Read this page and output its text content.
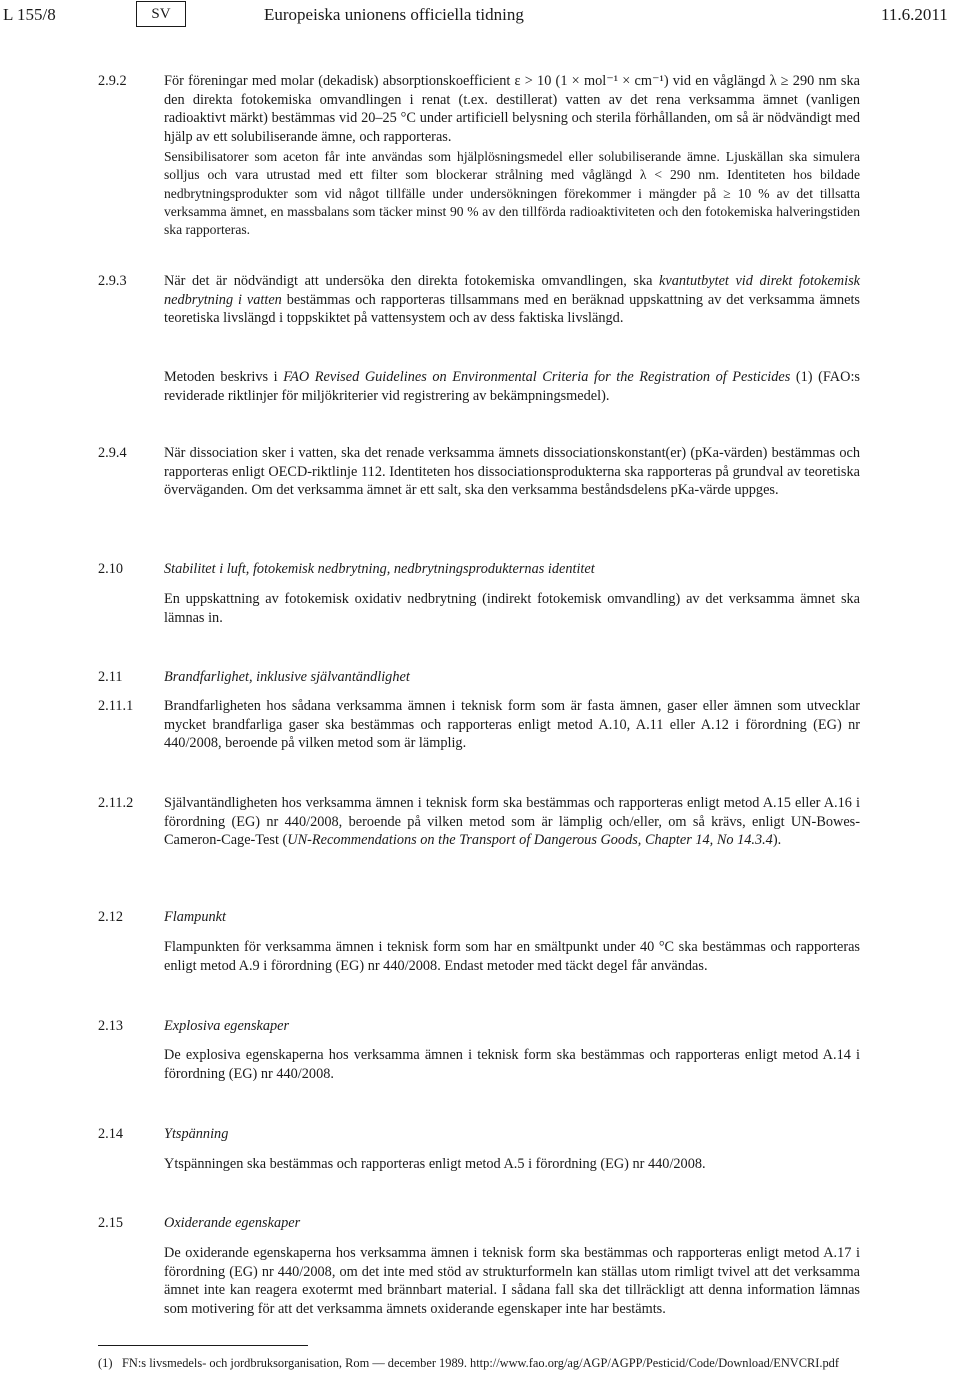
L 155/8	SV	Europeiska unionens officiella tidning	11.6.2011
2.9.2	För föreningar med molar (dekadisk) absorptionskoefficient ε > 10 (1 × mol⁻¹ × cm⁻¹) vid en våglängd λ ≥ 290 nm ska den direkta fotokemiska omvandlingen i renat (t.ex. destillerat) vatten av det rena verksamma ämnet (vanligen radioaktivt märkt) bestämmas vid 20–25 °C under artificiell belysning och sterila förhållanden, om så är nödvändigt med hjälp av ett solubiliserande ämne, och rapporteras.

Sensibilisatorer som aceton får inte användas som hjälplösningsmedel eller solubiliserande ämne. Ljuskällan ska simulera solljus och vara utrustad med ett filter som blockerar strålning med våglängd λ < 290 nm. Identiteten hos bildade nedbrytningsprodukter som vid något tillfälle under undersökningen förekommer i mängder på ≥ 10 % av det tillsatta verksamma ämnet, en massbalans som täcker minst 90 % av den tillförda radioaktiviteten och den fotokemiska halveringstiden ska rapporteras.

2.9.3	När det är nödvändigt att undersöka den direkta fotokemiska omvandlingen, ska kvantutbytet vid direkt fotokemisk nedbrytning i vatten bestämmas och rapporteras tillsammans med en beräknad uppskattning av det verksamma ämnets teoretiska livslängd i toppskiktet på vattensystem och av dess faktiska livslängd.

Metoden beskrivs i FAO Revised Guidelines on Environmental Criteria for the Registration of Pesticides (1) (FAO:s reviderade riktlinjer för miljökriterier vid registrering av bekämpningsmedel).

2.9.4	När dissociation sker i vatten, ska det renade verksamma ämnets dissociationskonstant(er) (pKa-värden) bestämmas och rapporteras enligt OECD-riktlinje 112. Identiteten hos dissociationsprodukterna ska rapporteras på grundval av teoretiska överväganden. Om det verksamma ämnet är ett salt, ska den verksamma beståndsdelens pKa-värde uppges.

2.10	Stabilitet i luft, fotokemisk nedbrytning, nedbrytningsprodukternas identitet

En uppskattning av fotokemisk oxidativ nedbrytning (indirekt fotokemisk omvandling) av det verksamma ämnet ska lämnas in.

2.11	Brandfarlighet, inklusive självantändlighet
2.11.1 Brandfarligheten hos sådana verksamma ämnen i teknisk form som är fasta ämnen, gaser eller ämnen som utvecklar mycket brandfarliga gaser ska bestämmas och rapporteras enligt metod A.10, A.11 eller A.12 i förordning (EG) nr 440/2008, beroende på vilken metod som är lämplig.

2.11.2 Självantändligheten hos verksamma ämnen i teknisk form ska bestämmas och rapporteras enligt metod A.15 eller A.16 i förordning (EG) nr 440/2008, beroende på vilken metod som är lämplig och/eller, om så krävs, enligt UN-Bowes-Cameron-Cage-Test (UN-Recommendations on the Transport of Dangerous Goods, Chapter 14, No 14.3.4).

2.12	Flampunkt

Flampunkten för verksamma ämnen i teknisk form som har en smältpunkt under 40 °C ska bestämmas och rapporteras enligt metod A.9 i förordning (EG) nr 440/2008. Endast metoder med täckt degel får användas.

2.13	Explosiva egenskaper

De explosiva egenskaperna hos verksamma ämnen i teknisk form ska bestämmas och rapporteras enligt metod A.14 i förordning (EG) nr 440/2008.

2.14	Ytspänning

Ytspänningen ska bestämmas och rapporteras enligt metod A.5 i förordning (EG) nr 440/2008.

2.15	Oxiderande egenskaper

De oxiderande egenskaperna hos verksamma ämnen i teknisk form ska bestämmas och rapporteras enligt metod A.17 i förordning (EG) nr 440/2008, om det inte med stöd av strukturformeln kan ställas utom rimligt tvivel att det verksamma ämnet inte kan reagera exotermt med brännbart material. I sådana fall ska det tillräckligt att denna information lämnas som motivering för att det verksamma ämnets oxiderande egenskaper inte har bestämts.

(1) FN:s livsmedels- och jordbruksorganisation, Rom — december 1989. http://www.fao.org/ag/AGP/AGPP/Pesticid/Code/Download/ENVCRI.pdf
